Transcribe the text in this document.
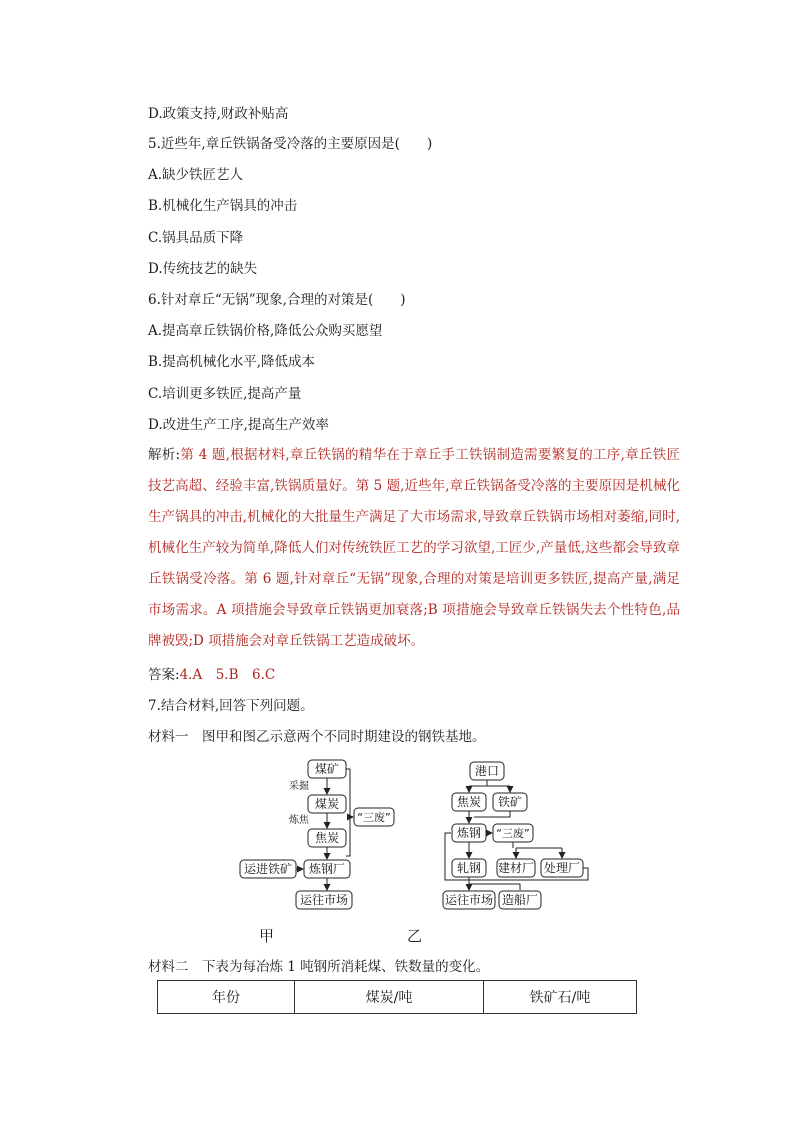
D.政策支持,财政补贴高
5.近些年,章丘铁锅备受冷落的主要原因是(　　)
A.缺少铁匠艺人
B.机械化生产锅具的冲击
C.锅具品质下降
D.传统技艺的缺失
6.针对章丘“无锅”现象,合理的对策是(　　)
A.提高章丘铁锅价格,降低公众购买愿望
B.提高机械化水平,降低成本
C.培训更多铁匠,提高产量
D.改进生产工序,提高生产效率
解析:第 4 题,根据材料,章丘铁锅的精华在于章丘手工铁锅制造需要繁复的工序,章丘铁匠技艺高超、经验丰富,铁锅质量好。第 5 题,近些年,章丘铁锅备受冷落的主要原因是机械化生产锅具的冲击,机械化的大批量生产满足了大市场需求,导致章丘铁锅市场相对萎缩,同时,机械化生产较为简单,降低人们对传统铁匠工艺的学习欲望,工匠少,产量低,这些都会导致章丘铁锅受冷落。第 6 题,针对章丘“无锅”现象,合理的对策是培训更多铁匠,提高产量,满足市场需求。A 项措施会导致章丘铁锅更加衰落;B 项措施会导致章丘铁锅失去个性特色,品牌被毁;D 项措施会对章丘铁锅工艺造成破坏。
答案:4.A　5.B　6.C
7.结合材料,回答下列问题。
材料一　图甲和图乙示意两个不同时期建设的钢铁基地。
煤矿
采掘
煤炭
炼焦
焦炭
“三废”
运进铁矿 炼钢厂
运往市场
港口
焦炭 铁矿
炼钢 “三废”
轧钢 建材厂 处理厂
运往市场 造船厂
甲	乙
材料二　下表为每冶炼 1 吨钢所消耗煤、铁数量的变化。
年份	煤炭/吨	铁矿石/吨
